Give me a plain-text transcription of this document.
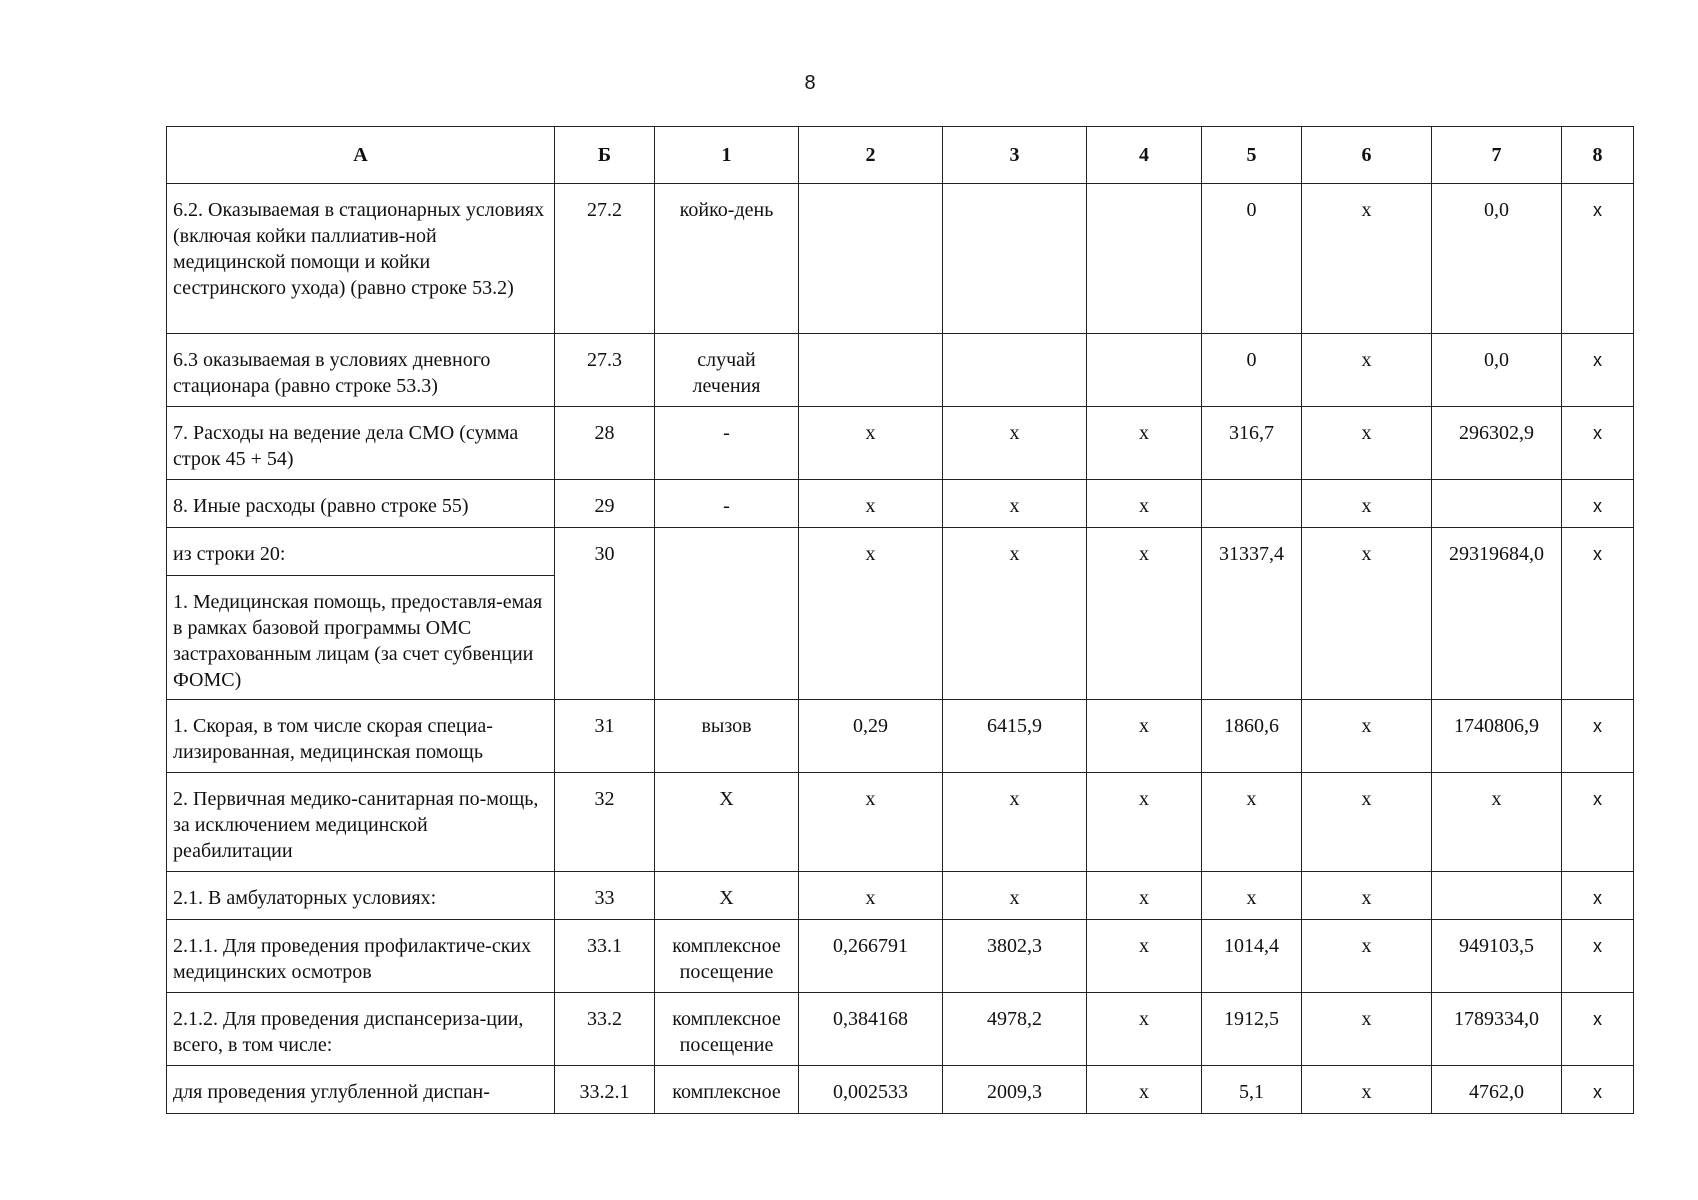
8
А	Б	1	2	3	4	5	6	7	8
6.2. Оказываемая в стационарных условиях (включая койки паллиатив-ной медицинской помощи и койки сестринского ухода) (равно строке 53.2)	27.2	койко-день				0	х	0,0	х
6.3 оказываемая в условиях дневного стационара (равно строке 53.3)	27.3	случай лечения				0	х	0,0	х
7. Расходы на ведение дела СМО (сумма строк 45 + 54)	28	-	х	х	х	316,7	х	296302,9	х
8. Иные расходы (равно строке 55)	29	-	х	х	х		х		х
из строки 20:	30		х	х	х	31337,4	х	29319684,0	х
1. Медицинская помощь, предоставля-емая в рамках базовой программы ОМС застрахованным лицам (за счет субвенции ФОМС)									
1. Скорая, в том числе скорая специа-лизированная, медицинская помощь	31	вызов	0,29	6415,9	х	1860,6	х	1740806,9	х
2. Первичная медико-санитарная по-мощь, за исключением медицинской реабилитации	32	Х	х	х	х	х	х	х	х
2.1. В амбулаторных условиях:	33	Х	х	х	х	х	х		х
2.1.1. Для проведения профилактиче-ских медицинских осмотров	33.1	комплексное посещение	0,266791	3802,3	х	1014,4	х	949103,5	х
2.1.2. Для проведения диспансериза-ции, всего, в том числе:	33.2	комплексное посещение	0,384168	4978,2	х	1912,5	х	1789334,0	х
для проведения углубленной диспан-	33.2.1	комплексное	0,002533	2009,3	х	5,1	х	4762,0	х
